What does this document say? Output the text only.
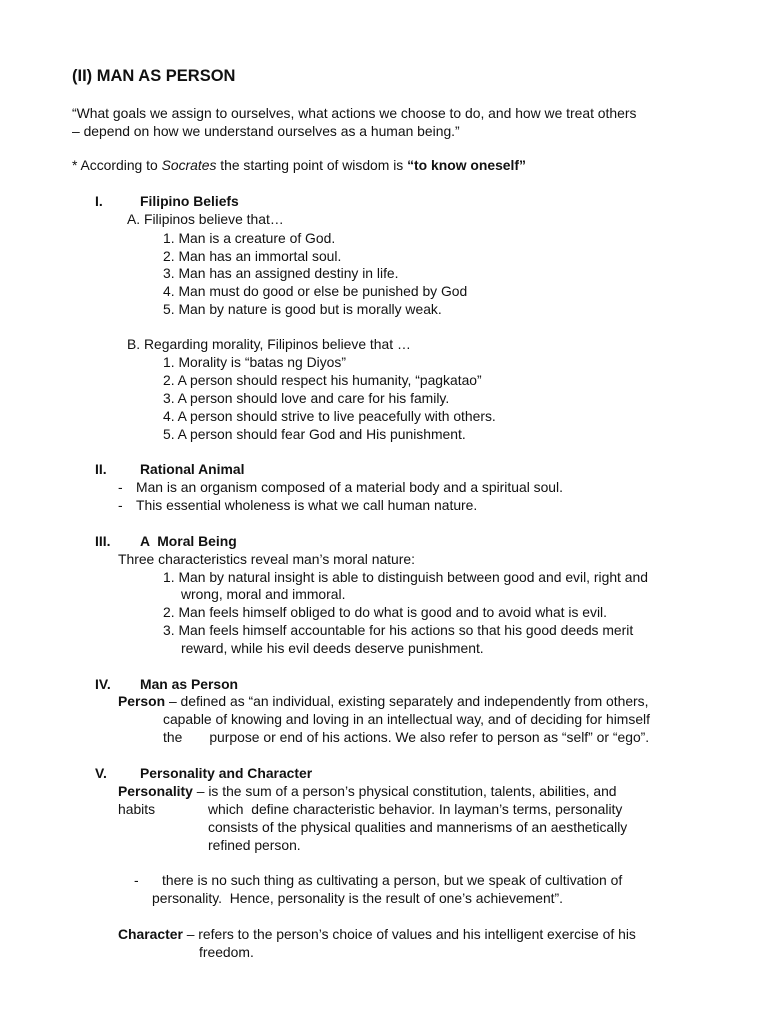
(II) MAN AS PERSON
“What goals we assign to ourselves, what actions we choose to do, and how we treat others
– depend on how we understand ourselves as a human being.”
* According to Socrates the starting point of wisdom is “to know oneself”
I.	Filipino Beliefs
A. Filipinos believe that…
1. Man is a creature of God.
2. Man has an immortal soul.
3. Man has an assigned destiny in life.
4. Man must do good or else be punished by God
5. Man by nature is good but is morally weak.
B. Regarding morality, Filipinos believe that …
1. Morality is “batas ng Diyos”
2. A person should respect his humanity, “pagkatao”
3. A person should love and care for his family.
4. A person should strive to live peacefully with others.
5. A person should fear God and His punishment.
II. Rational Animal
- Man is an organism composed of a material body and a spiritual soul.
- This essential wholeness is what we call human nature.
III. A  Moral Being
Three characteristics reveal man’s moral nature:
1. Man by natural insight is able to distinguish between good and evil, right and
wrong, moral and immoral.
2. Man feels himself obliged to do what is good and to avoid what is evil.
3. Man feels himself accountable for his actions so that his good deeds merit
reward, while his evil deeds deserve punishment.
IV. Man as Person
Person – defined as “an individual, existing separately and independently from others,
capable of knowing and loving in an intellectual way, and of deciding for himself
the       purpose or end of his actions. We also refer to person as “self” or “ego”.
V. Personality and Character
Personality – is the sum of a person’s physical constitution, talents, abilities, and
habits	which  define characteristic behavior. In layman’s terms, personality
consists of the physical qualities and mannerisms of an aesthetically
refined person.
- there is no such thing as cultivating a person, but we speak of cultivation of
personality.  Hence, personality is the result of one’s achievement”.
Character – refers to the person’s choice of values and his intelligent exercise of his
freedom.
